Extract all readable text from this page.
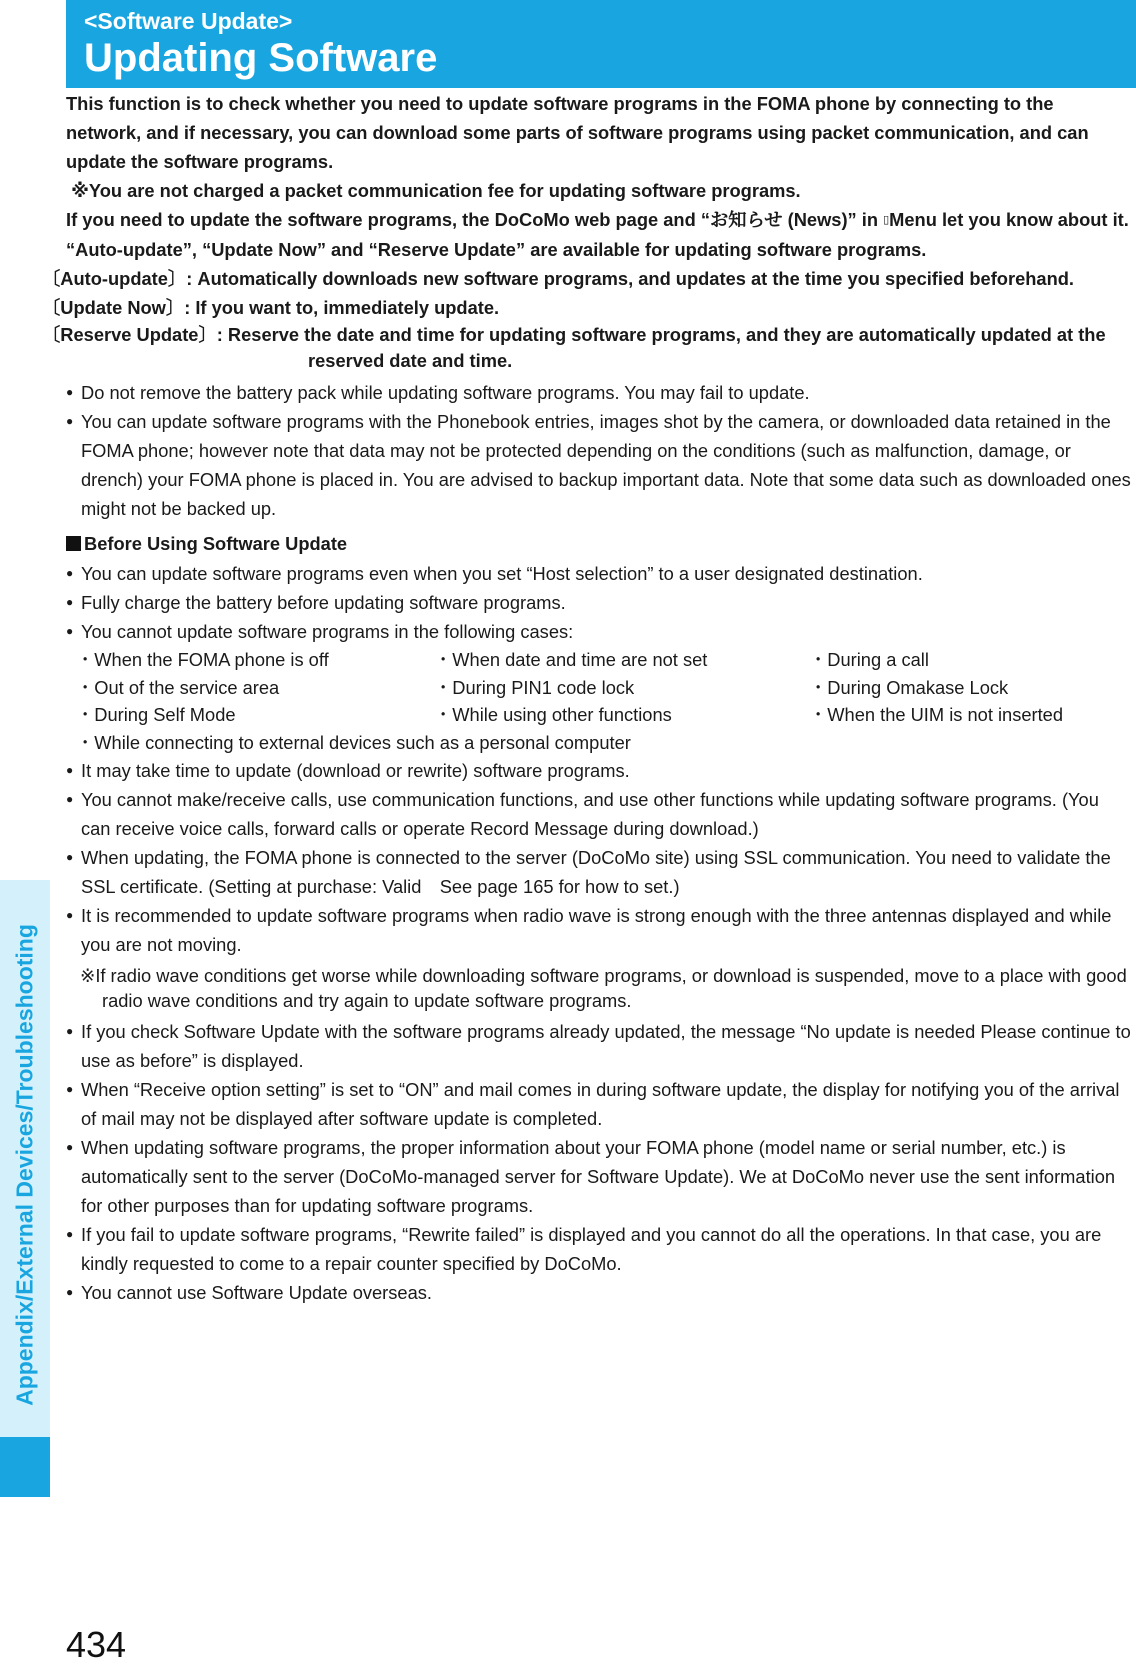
Appendix/External Devices/Troubleshooting
<Software Update>
Updating Software

This function is to check whether you need to update software programs in the FOMA phone by connecting to the network, and if necessary, you can download some parts of software programs using packet communication, and can update the software programs.

※You are not charged a packet communication fee for updating software programs.

If you need to update the software programs, the DoCoMo web page and “お知らせ (News)” in ▯Menu let you know about it.

“Auto-update”, “Update Now” and “Reserve Update” are available for updating software programs.

〔Auto-update〕: Automatically downloads new software programs, and updates at the time you specified beforehand.
〔Update Now〕: If you want to, immediately update.
〔Reserve Update〕: Reserve the date and time for updating software programs, and they are automatically updated at the reserved date and time.
● Do not remove the battery pack while updating software programs. You may fail to update.
● You can update software programs with the Phonebook entries, images shot by the camera, or downloaded data retained in the FOMA phone; however note that data may not be protected depending on the conditions (such as malfunction, damage, or drench) your FOMA phone is placed in. You are advised to backup important data. Note that some data such as downloaded ones might not be backed up.
Before Using Software Update
● You can update software programs even when you set “Host selection” to a user designated destination.
● Fully charge the battery before updating software programs.
● You cannot update software programs in the following cases:
・When the FOMA phone is off	・When date and time are not set	・During a call
・Out of the service area	・During PIN1 code lock	・During Omakase Lock
・During Self Mode	・While using other functions	・When the UIM is not inserted
・While connecting to external devices such as a personal computer
● It may take time to update (download or rewrite) software programs.
● You cannot make/receive calls, use communication functions, and use other functions while updating software programs. (You can receive voice calls, forward calls or operate Record Message during download.)
● When updating, the FOMA phone is connected to the server (DoCoMo site) using SSL communication. You need to validate the SSL certificate. (Setting at purchase: Valid See page 165 for how to set.)
● It is recommended to update software programs when radio wave is strong enough with the three antennas displayed and while you are not moving.
※If radio wave conditions get worse while downloading software programs, or download is suspended, move to a place with good radio wave conditions and try again to update software programs.
● If you check Software Update with the software programs already updated, the message “No update is needed Please continue to use as before” is displayed.
● When “Receive option setting” is set to “ON” and mail comes in during software update, the display for notifying you of the arrival of mail may not be displayed after software update is completed.
● When updating software programs, the proper information about your FOMA phone (model name or serial number, etc.) is automatically sent to the server (DoCoMo-managed server for Software Update). We at DoCoMo never use the sent information for other purposes than for updating software programs.
● If you fail to update software programs, “Rewrite failed” is displayed and you cannot do all the operations. In that case, you are kindly requested to come to a repair counter specified by DoCoMo.
● You cannot use Software Update overseas.
434
